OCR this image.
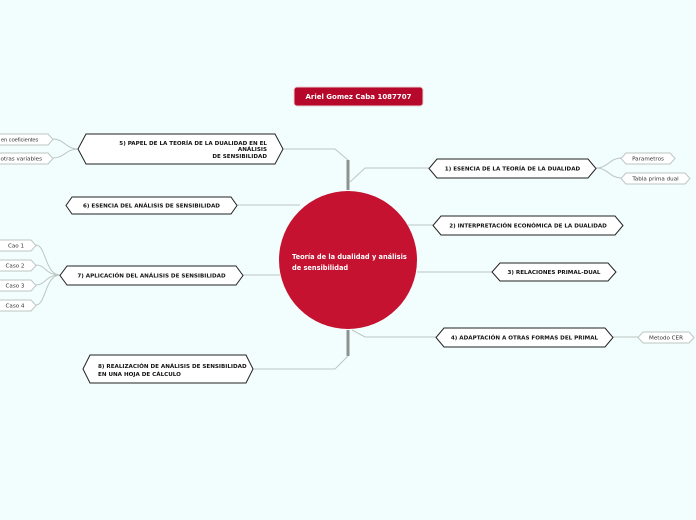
Ariel Gomez Caba 1087707
Teoría de la dualidad y análisis
de sensibilidad
1) ESENCIA DE LA TEORÍA DE LA DUALIDAD
Parametros
Tabla prima dual
2) INTERPRETACIÓN ECONÓMICA DE LA DUALIDAD
3) RELACIONES PRIMAL-DUAL
4) ADAPTACIÓN A OTRAS FORMAS DEL PRIMAL	Metodo CER
5) PAPEL DE LA TEORÍA DE LA DUALIDAD EN EL
ANÁLISIS
DE SENSIBILIDAD
en coeficientes
otras variables
6) ESENCIA DEL ANÁLISIS DE SENSIBILIDAD
7) APLICACIÓN DEL ANÁLISIS DE SENSIBILIDAD
Cao 1
Caso 2
Caso 3
Caso 4
8) REALIZACIÓN DE ANÁLISIS DE SENSIBILIDAD
EN UNA HOJA DE CÁLCULO
